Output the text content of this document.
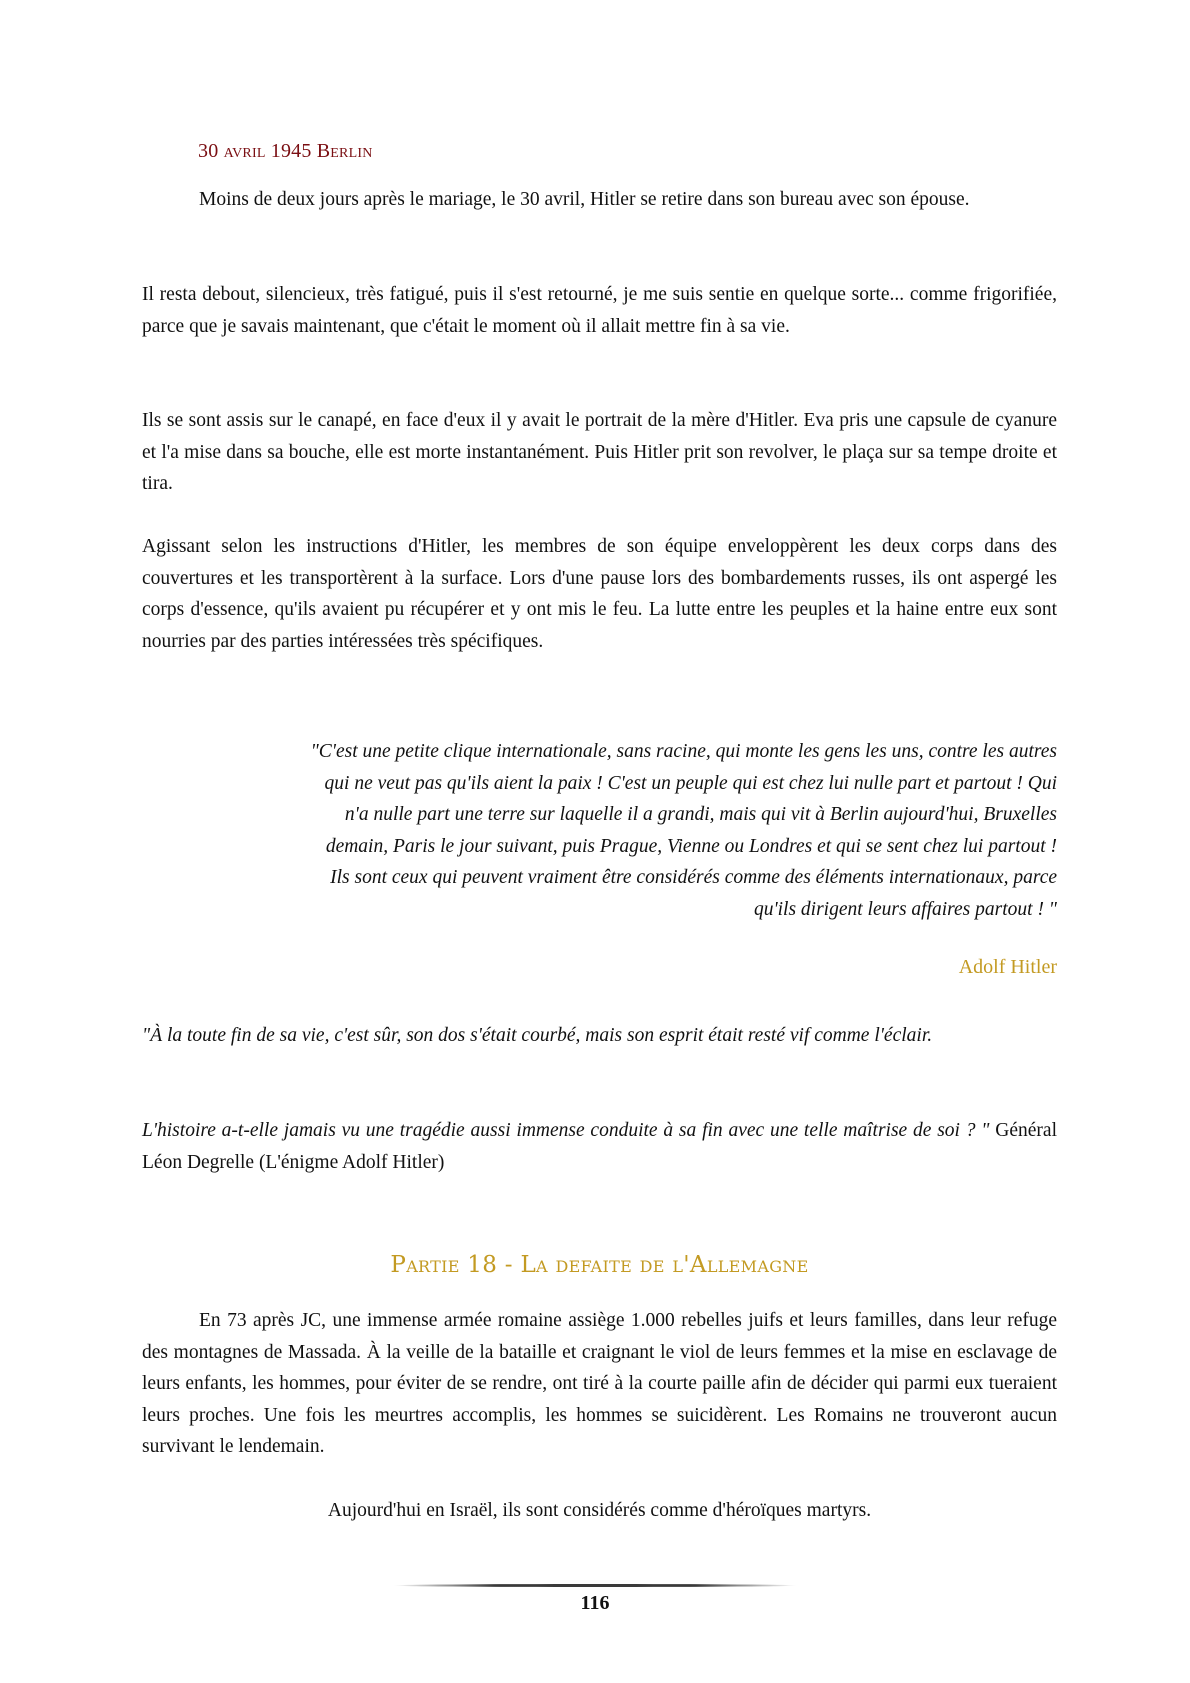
30 avril 1945 Berlin

Moins de deux jours après le mariage, le 30 avril, Hitler se retire dans son bureau avec son épouse.

Il resta debout, silencieux, très fatigué, puis il s'est retourné, je me suis sentie en quelque sorte... comme frigorifiée, parce que je savais maintenant, que c'était le moment où il allait mettre fin à sa vie.

Ils se sont assis sur le canapé, en face d'eux il y avait le portrait de la mère d'Hitler. Eva pris une capsule de cyanure et l'a mise dans sa bouche, elle est morte instantanément. Puis Hitler prit son revolver, le plaça sur sa tempe droite et tira.

Agissant selon les instructions d'Hitler, les membres de son équipe enveloppèrent les deux corps dans des couvertures et les transportèrent à la surface. Lors d'une pause lors des bombardements russes, ils ont aspergé les corps d'essence, qu'ils avaient pu récupérer et y ont mis le feu. La lutte entre les peuples et la haine entre eux sont nourries par des parties intéressées très spécifiques.

"C'est une petite clique internationale, sans racine, qui monte les gens les uns, contre les autres
qui ne veut pas qu'ils aient la paix ! C'est un peuple qui est chez lui nulle part et partout ! Qui
n'a nulle part une terre sur laquelle il a grandi, mais qui vit à Berlin aujourd'hui, Bruxelles
demain, Paris le jour suivant, puis Prague, Vienne ou Londres et qui se sent chez lui partout !
Ils sont ceux qui peuvent vraiment être considérés comme des éléments internationaux, parce
qu'ils dirigent leurs affaires partout ! "
Adolf Hitler

"À la toute fin de sa vie, c'est sûr, son dos s'était courbé, mais son esprit était resté vif comme l'éclair.

L'histoire a-t-elle jamais vu une tragédie aussi immense conduite à sa fin avec une telle maîtrise de soi ? " Général Léon Degrelle (L'énigme Adolf Hitler)

Partie 18 - La defaite de l'Allemagne

En 73 après JC, une immense armée romaine assiège 1.000 rebelles juifs et leurs familles, dans leur refuge des montagnes de Massada. À la veille de la bataille et craignant le viol de leurs femmes et la mise en esclavage de leurs enfants, les hommes, pour éviter de se rendre, ont tiré à la courte paille afin de décider qui parmi eux tueraient leurs proches. Une fois les meurtres accomplis, les hommes se suicidèrent. Les Romains ne trouveront aucun survivant le lendemain.

Aujourd'hui en Israël, ils sont considérés comme d'héroïques martyrs.
116
